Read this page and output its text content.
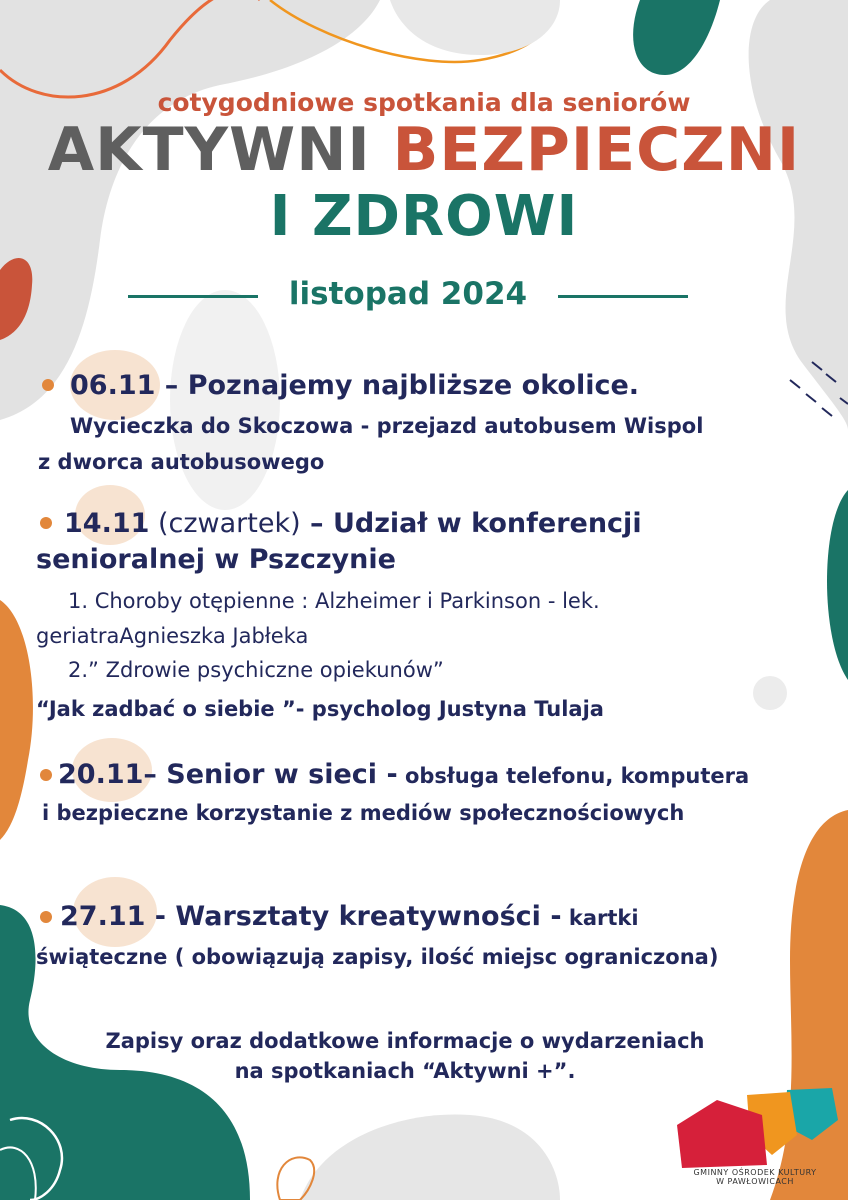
cotygodniowe spotkania dla seniorów
AKTYWNI BEZPIECZNI
I ZDROWI
listopad 2024
06.11 – Poznajemy najbliższe okolice.
Wycieczka do Skoczowa - przejazd autobusem Wispol
z dworca autobusowego
14.11 (czwartek) – Udział w konferencji
senioralnej w Pszczynie
1. Choroby otępienne : Alzheimer i Parkinson - lek.
geriatraAgnieszka Jabłeka
2.” Zdrowie psychiczne opiekunów”
“Jak zadbać o siebie ”- psycholog Justyna Tulaja
20.11– Senior w sieci - obsługa telefonu, komputera
i bezpieczne korzystanie z mediów społecznościowych
27.11 - Warsztaty kreatywności - kartki
świąteczne ( obowiązują zapisy, ilość miejsc ograniczona)
Zapisy oraz dodatkowe informacje o wydarzeniach
na spotkaniach “Aktywni +”.
GMINNY OŚRODEK KULTURY
W PAWŁOWICACH
